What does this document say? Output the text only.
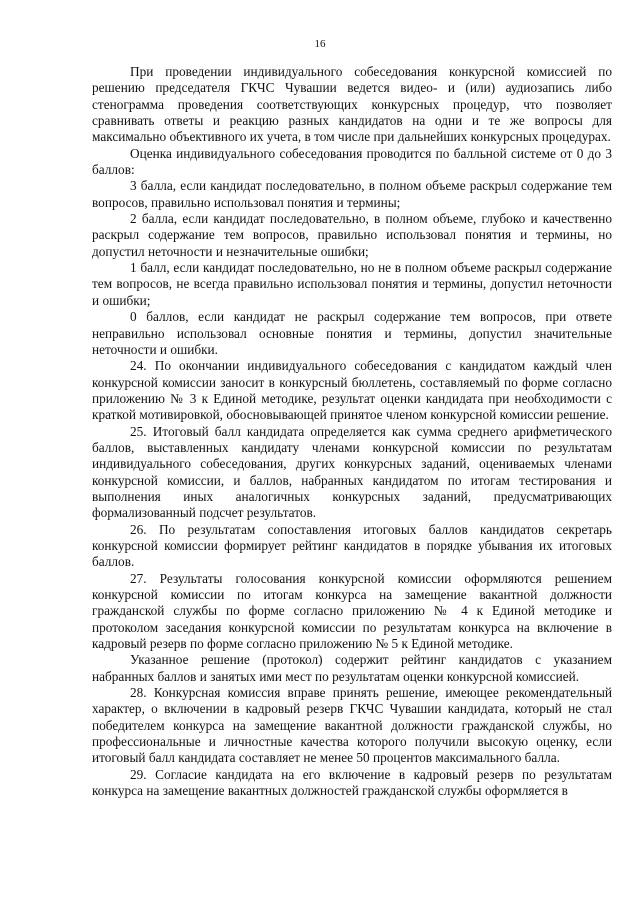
16

При проведении индивидуального собеседования конкурсной комиссией по решению председателя ГКЧС Чувашии ведется видео- и (или) аудиозапись либо стенограмма проведения соответствующих конкурсных процедур, что позволяет сравнивать ответы и реакцию разных кандидатов на одни и те же вопросы для максимально объективного их учета, в том числе при дальнейших конкурсных процедурах.

Оценка индивидуального собеседования проводится по балльной системе от 0 до 3 баллов:

3 балла, если кандидат последовательно, в полном объеме раскрыл содержание тем вопросов, правильно использовал понятия и термины;

2 балла, если кандидат последовательно, в полном объеме, глубоко и качественно раскрыл содержание тем вопросов, правильно использовал понятия и термины, но допустил неточности и незначительные ошибки;

1 балл, если кандидат последовательно, но не в полном объеме раскрыл содержание тем вопросов, не всегда правильно использовал понятия и термины, допустил неточности и ошибки;

0 баллов, если кандидат не раскрыл содержание тем вопросов, при ответе неправильно использовал основные понятия и термины, допустил значительные неточности и ошибки.

24. По окончании индивидуального собеседования с кандидатом каждый член конкурсной комиссии заносит в конкурсный бюллетень, составляемый по форме согласно приложению № 3 к Единой методике, результат оценки кандидата при необходимости с краткой мотивировкой, обосновывающей принятое членом конкурсной комиссии решение.

25. Итоговый балл кандидата определяется как сумма среднего арифметического баллов, выставленных кандидату членами конкурсной комиссии по результатам индивидуального собеседования, других конкурсных заданий, оцениваемых членами конкурсной комиссии, и баллов, набранных кандидатом по итогам тестирования и выполнения иных аналогичных конкурсных заданий, предусматривающих формализованный подсчет результатов.

26. По результатам сопоставления итоговых баллов кандидатов секретарь конкурсной комиссии формирует рейтинг кандидатов в порядке убывания их итоговых баллов.

27. Результаты голосования конкурсной комиссии оформляются решением конкурсной комиссии по итогам конкурса на замещение вакантной должности гражданской службы по форме согласно приложению № 4 к Единой методике и протоколом заседания конкурсной комиссии по результатам конкурса на включение в кадровый резерв по форме согласно приложению № 5 к Единой методике.

Указанное решение (протокол) содержит рейтинг кандидатов с указанием набранных баллов и занятых ими мест по результатам оценки конкурсной комиссией.

28. Конкурсная комиссия вправе принять решение, имеющее рекомендательный характер, о включении в кадровый резерв ГКЧС Чувашии кандидата, который не стал победителем конкурса на замещение вакантной должности гражданской службы, но профессиональные и личностные качества которого получили высокую оценку, если итоговый балл кандидата составляет не менее 50 процентов максимального балла.

29. Согласие кандидата на его включение в кадровый резерв по результатам конкурса на замещение вакантных должностей гражданской службы оформляется в
